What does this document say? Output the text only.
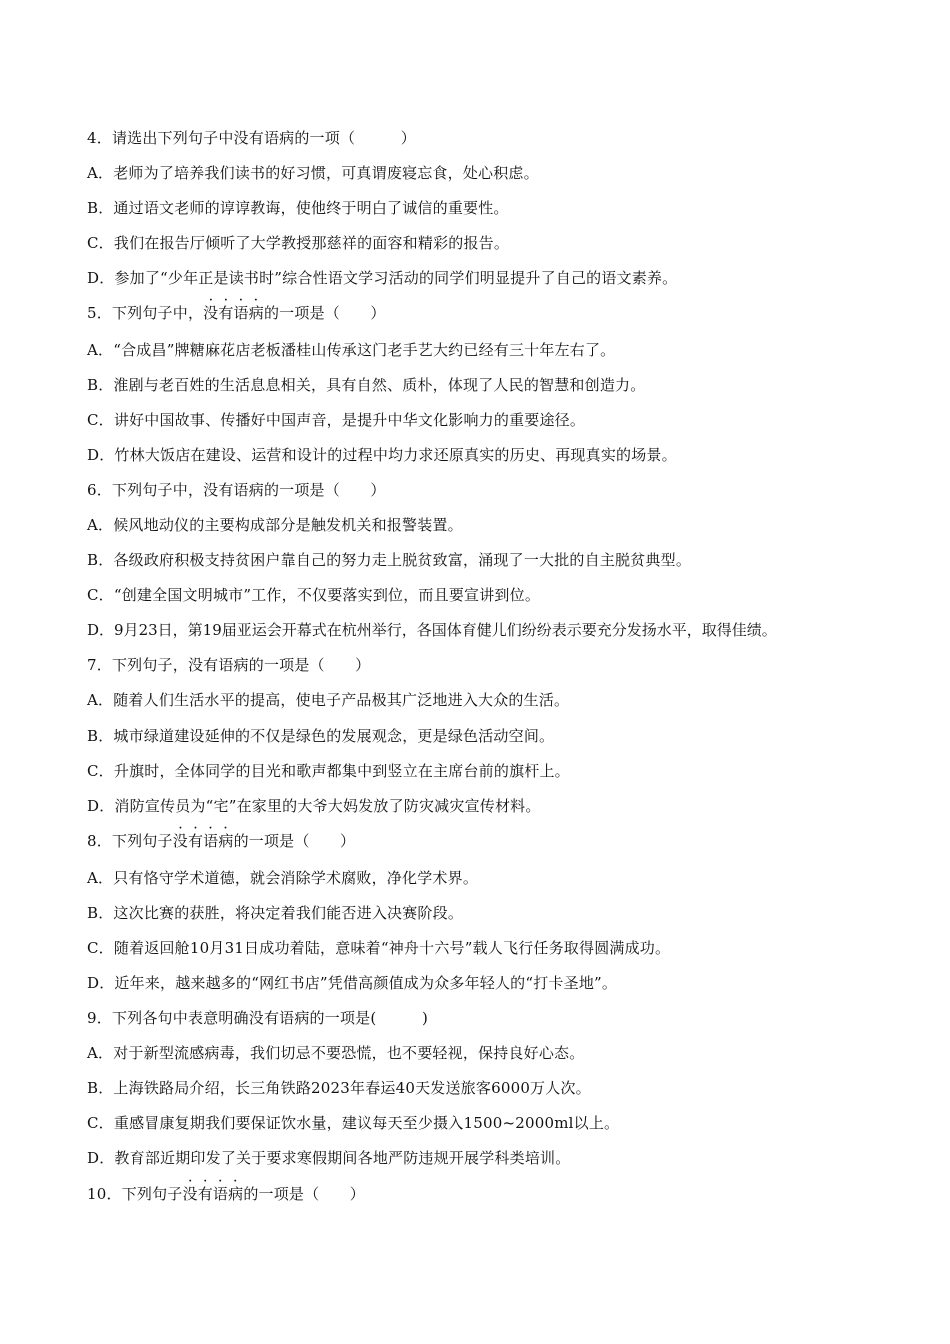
4．请选出下列句子中没有语病的一项（　　　）
A．老师为了培养我们读书的好习惯，可真谓废寝忘食，处心积虑。
B．通过语文老师的谆谆教诲，使他终于明白了诚信的重要性。
C．我们在报告厅倾听了大学教授那慈祥的面容和精彩的报告。
D．参加了“少年正是读书时”综合性语文学习活动的同学们明显提升了自己的语文素养。
5．下列句子中，
· · · ·
没有语病的一项是（　　）
A．“合成昌”牌糖麻花店老板潘桂山传承这门老手艺大约已经有三十年左右了。
B．淮剧与老百姓的生活息息相关，具有自然、质朴，体现了人民的智慧和创造力。
C．讲好中国故事、传播好中国声音，是提升中华文化影响力的重要途径。
D．竹林大饭店在建设、运营和设计的过程中均力求还原真实的历史、再现真实的场景。
6．下列句子中，没有语病的一项是（　　）
A．候风地动仪的主要构成部分是触发机关和报警装置。
B．各级政府积极支持贫困户靠自己的努力走上脱贫致富，涌现了一大批的自主脱贫典型。
C．“创建全国文明城市”工作，不仅要落实到位，而且要宣讲到位。
D．9月23日，第19届亚运会开幕式在杭州举行，各国体育健儿们纷纷表示要充分发扬水平，取得佳绩。
7．下列句子，没有语病的一项是（　　）
A．随着人们生活水平的提高，使电子产品极其广泛地进入大众的生活。
B．城市绿道建设延伸的不仅是绿色的发展观念，更是绿色活动空间。
C．升旗时，全体同学的目光和歌声都集中到竖立在主席台前的旗杆上。
D．消防宣传员为“宅”在家里的大爷大妈发放了防灾减灾宣传材料。
8．下列句子
· · · ·
没有语病的一项是（　　）
A．只有恪守学术道德，就会消除学术腐败，净化学术界。
B．这次比赛的获胜，将决定着我们能否进入决赛阶段。
C．随着返回舱10月31日成功着陆，意味着“神舟十六号”载人飞行任务取得圆满成功。
D．近年来，越来越多的“网红书店”凭借高颜值成为众多年轻人的“打卡圣地”。
9．下列各句中表意明确没有语病的一项是(　　　)
A．对于新型流感病毒，我们切忌不要恐慌，也不要轻视，保持良好心态。
B．上海铁路局介绍，长三角铁路2023年春运40天发送旅客6000万人次。
C．重感冒康复期我们要保证饮水量，建议每天至少摄入1500~2000ml以上。
D．教育部近期印发了关于要求寒假期间各地严防违规开展学科类培训。
10．下列句子
· · · ·
没有语病的一项是（　　）
